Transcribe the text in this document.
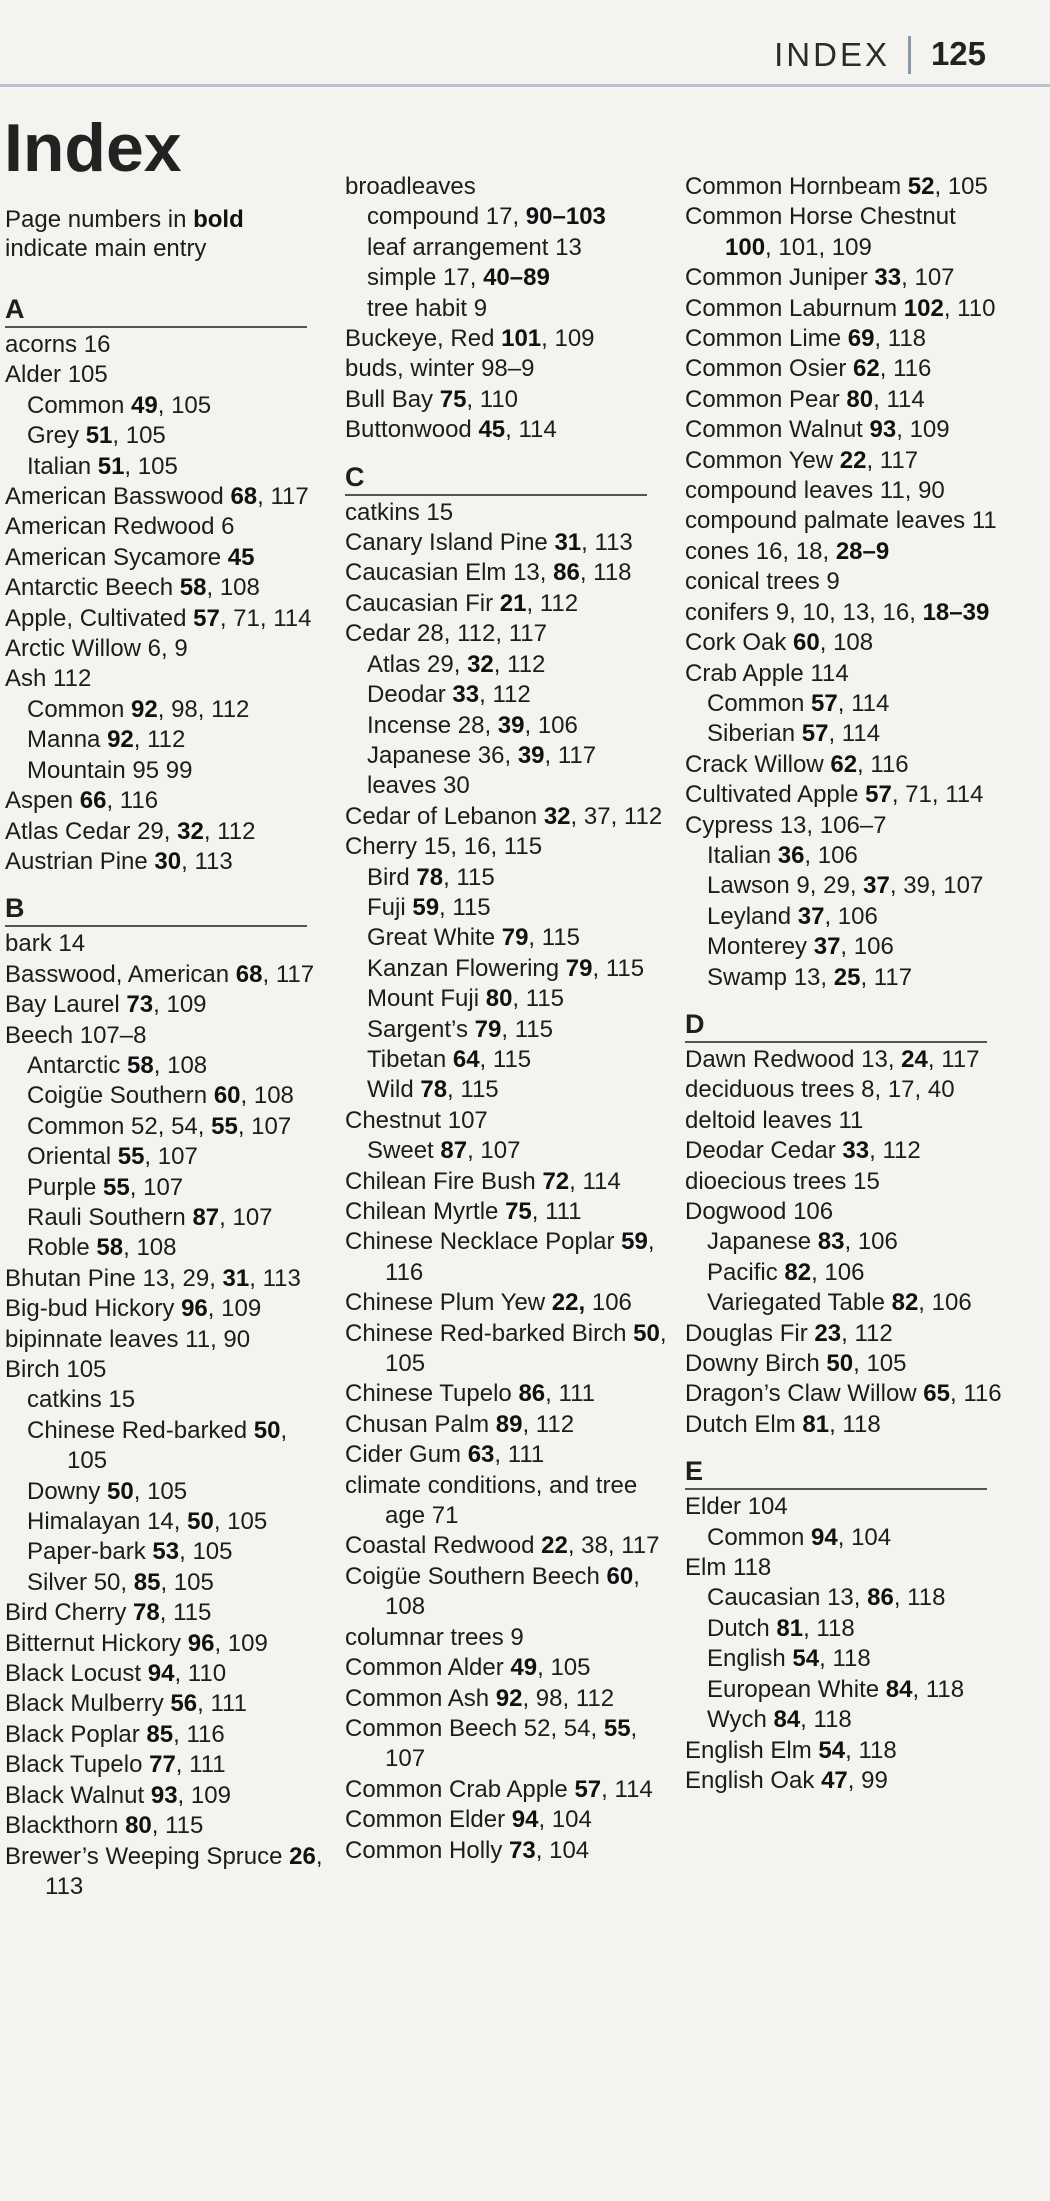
INDEX 125
Index
Page numbers in bold indicate main entry
A
acorns 16
Alder 105
Common 49, 105
Grey 51, 105
Italian 51, 105
American Basswood 68, 117
American Redwood 6
American Sycamore 45
Antarctic Beech 58, 108
Apple, Cultivated 57, 71, 114
Arctic Willow 6, 9
Ash 112
Common 92, 98, 112
Manna 92, 112
Mountain 95 99
Aspen 66, 116
Atlas Cedar 29, 32, 112
Austrian Pine 30, 113
B
bark 14
Basswood, American 68, 117
Bay Laurel 73, 109
Beech 107–8
Antarctic 58, 108
Coigüe Southern 60, 108
Common 52, 54, 55, 107
Oriental 55, 107
Purple 55, 107
Rauli Southern 87, 107
Roble 58, 108
Bhutan Pine 13, 29, 31, 113
Big-bud Hickory 96, 109
bipinnate leaves 11, 90
Birch 105
catkins 15
Chinese Red-barked 50, 105
Downy 50, 105
Himalayan 14, 50, 105
Paper-bark 53, 105
Silver 50, 85, 105
Bird Cherry 78, 115
Bitternut Hickory 96, 109
Black Locust 94, 110
Black Mulberry 56, 111
Black Poplar 85, 116
Black Tupelo 77, 111
Black Walnut 93, 109
Blackthorn 80, 115
Brewer’s Weeping Spruce 26, 113
broadleaves
compound 17, 90–103
leaf arrangement 13
simple 17, 40–89
tree habit 9
Buckeye, Red 101, 109
buds, winter 98–9
Bull Bay 75, 110
Buttonwood 45, 114
C
catkins 15
Canary Island Pine 31, 113
Caucasian Elm 13, 86, 118
Caucasian Fir 21, 112
Cedar 28, 112, 117
Atlas 29, 32, 112
Deodar 33, 112
Incense 28, 39, 106
Japanese 36, 39, 117
leaves 30
Cedar of Lebanon 32, 37, 112
Cherry 15, 16, 115
Bird 78, 115
Fuji 59, 115
Great White 79, 115
Kanzan Flowering 79, 115
Mount Fuji 80, 115
Sargent’s 79, 115
Tibetan 64, 115
Wild 78, 115
Chestnut 107
Sweet 87, 107
Chilean Fire Bush 72, 114
Chilean Myrtle 75, 111
Chinese Necklace Poplar 59, 116
Chinese Plum Yew 22, 106
Chinese Red-barked Birch 50, 105
Chinese Tupelo 86, 111
Chusan Palm 89, 112
Cider Gum 63, 111
climate conditions, and tree age 71
Coastal Redwood 22, 38, 117
Coigüe Southern Beech 60, 108
columnar trees 9
Common Alder 49, 105
Common Ash 92, 98, 112
Common Beech 52, 54, 55, 107
Common Crab Apple 57, 114
Common Elder 94, 104
Common Holly 73, 104
Common Hornbeam 52, 105
Common Horse Chestnut 100, 101, 109
Common Juniper 33, 107
Common Laburnum 102, 110
Common Lime 69, 118
Common Osier 62, 116
Common Pear 80, 114
Common Walnut 93, 109
Common Yew 22, 117
compound leaves 11, 90
compound palmate leaves 11
cones 16, 18, 28–9
conical trees 9
conifers 9, 10, 13, 16, 18–39
Cork Oak 60, 108
Crab Apple 114
Common 57, 114
Siberian 57, 114
Crack Willow 62, 116
Cultivated Apple 57, 71, 114
Cypress 13, 106–7
Italian 36, 106
Lawson 9, 29, 37, 39, 107
Leyland 37, 106
Monterey 37, 106
Swamp 13, 25, 117
D
Dawn Redwood 13, 24, 117
deciduous trees 8, 17, 40
deltoid leaves 11
Deodar Cedar 33, 112
dioecious trees 15
Dogwood 106
Japanese 83, 106
Pacific 82, 106
Variegated Table 82, 106
Douglas Fir 23, 112
Downy Birch 50, 105
Dragon’s Claw Willow 65, 116
Dutch Elm 81, 118
E
Elder 104
Common 94, 104
Elm 118
Caucasian 13, 86, 118
Dutch 81, 118
English 54, 118
European White 84, 118
Wych 84, 118
English Elm 54, 118
English Oak 47, 99
